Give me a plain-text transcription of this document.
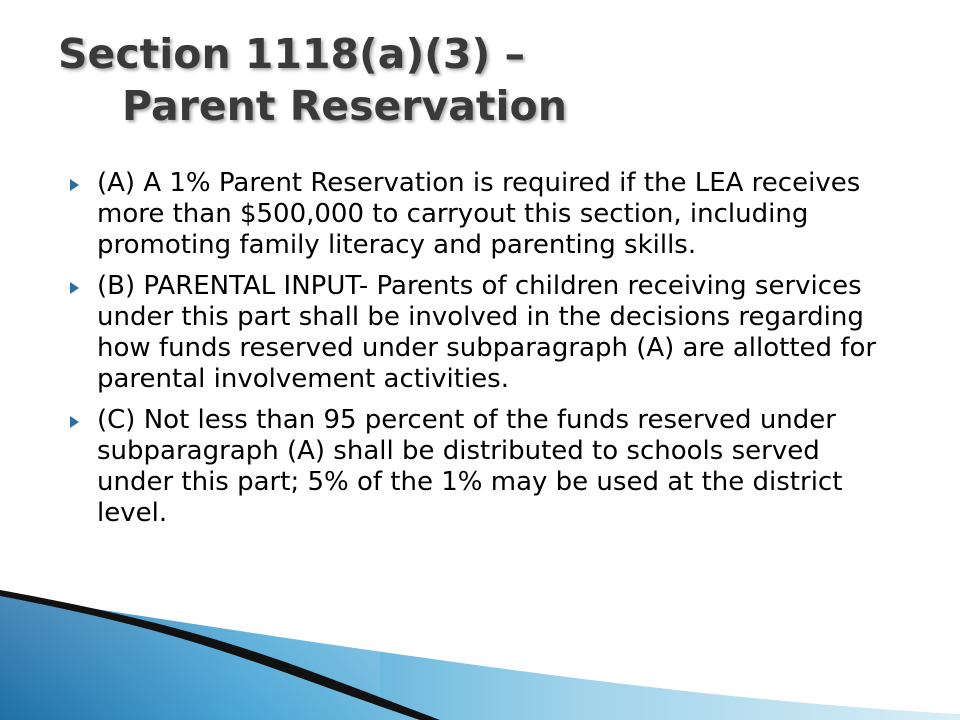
Section 1118(a)(3) –
Parent Reservation
(A) A 1% Parent Reservation is required if the LEA receives more than $500,000 to carryout this section, including promoting family literacy and parenting skills.
(B) PARENTAL INPUT- Parents of children receiving services under this part shall be involved in the decisions regarding how funds reserved under subparagraph (A) are allotted for parental involvement activities.
(C) Not less than 95 percent of the funds reserved under subparagraph (A) shall be distributed to schools served under this part; 5% of the 1% may be used at the district level.
